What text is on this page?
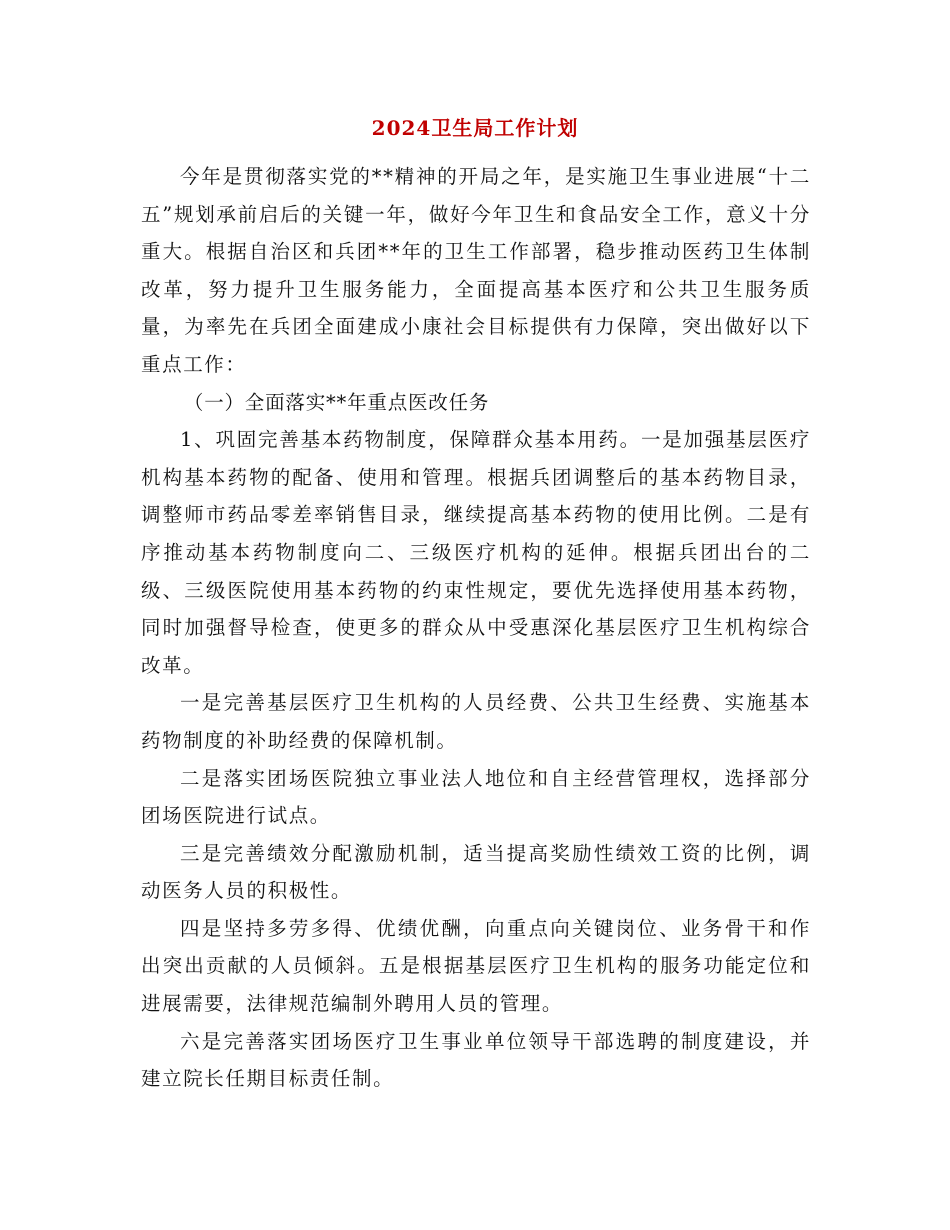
2024卫生局工作计划

今年是贯彻落实党的**精神的开局之年，是实施卫生事业进展“十二五”规划承前启后的关键一年，做好今年卫生和食品安全工作，意义十分重大。根据自治区和兵团**年的卫生工作部署，稳步推动医药卫生体制改革，努力提升卫生服务能力，全面提高基本医疗和公共卫生服务质量，为率先在兵团全面建成小康社会目标提供有力保障，突出做好以下重点工作：

（一）全面落实**年重点医改任务

1、巩固完善基本药物制度，保障群众基本用药。一是加强基层医疗机构基本药物的配备、使用和管理。根据兵团调整后的基本药物目录，调整师市药品零差率销售目录，继续提高基本药物的使用比例。二是有序推动基本药物制度向二、三级医疗机构的延伸。根据兵团出台的二级、三级医院使用基本药物的约束性规定，要优先选择使用基本药物，同时加强督导检查，使更多的群众从中受惠深化基层医疗卫生机构综合改革。

一是完善基层医疗卫生机构的人员经费、公共卫生经费、实施基本药物制度的补助经费的保障机制。

二是落实团场医院独立事业法人地位和自主经营管理权，选择部分团场医院进行试点。

三是完善绩效分配激励机制，适当提高奖励性绩效工资的比例，调动医务人员的积极性。

四是坚持多劳多得、优绩优酬，向重点向关键岗位、业务骨干和作出突出贡献的人员倾斜。五是根据基层医疗卫生机构的服务功能定位和进展需要，法律规范编制外聘用人员的管理。

六是完善落实团场医疗卫生事业单位领导干部选聘的制度建设，并建立院长任期目标责任制。
